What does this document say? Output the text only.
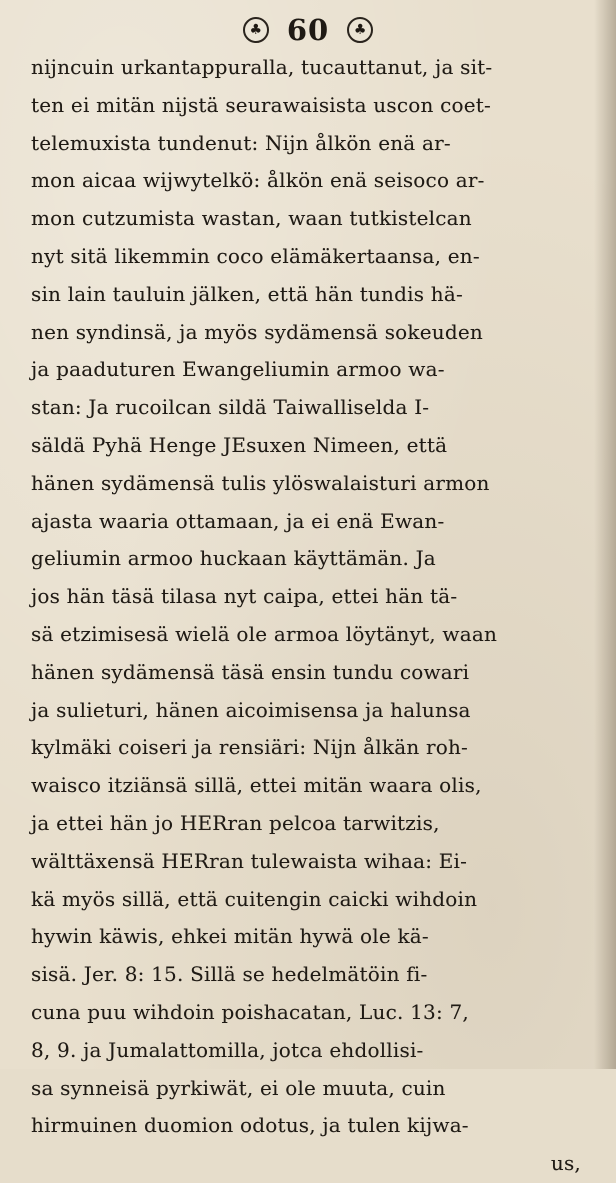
♣ 60	♣
nijncuin urkantappuralla, tucauttanut, ja sit-
ten ei mitän nijstä seurawaisista uscon coet-
telemuxista tundenut: Nijn ålkön enä ar-
mon aicaa wijwytelkö: ålkön enä seisoco ar-
mon cutzumista wastan, waan tutkistelcan
nyt sitä likemmin coco elämäkertaansa, en-
sin lain tauluin jälken, että hän tundis hä-
nen syndinsä, ja myös sydämensä sokeuden
ja paaduturen Ewangeliumin armoo wa-
stan: Ja rucoilcan sildä Taiwalliselda I-
säldä Pyhä Henge JEsuxen Nimeen, että
hänen sydämensä tulis ylöswalaisturi armon
ajasta waaria ottamaan, ja ei enä Ewan-
geliumin armoo huckaan käyttämän. Ja
jos hän täsä tilasa nyt caipa, ettei hän tä-
sä etzimisesä wielä ole armoa löytänyt, waan
hänen sydämensä täsä ensin tundu cowari
ja sulieturi, hänen aicoimisensa ja halunsa
kylmäki coiseri ja rensiäri: Nijn ålkän roh-
waisco itziänsä sillä, ettei mitän waara olis,
ja ettei hän jo HERran pelcoa tarwitzis,
wälttäxensä HERran tulewaista wihaa: Ei-
kä myös sillä, että cuitengin caicki wihdoin
hywin käwis, ehkei mitän hywä ole kä-
sisä. Jer. 8: 15. Sillä se hedelmätöin fi-
cuna puu wihdoin poishacatan, Luc. 13: 7,
8, 9. ja Jumalattomilla, jotca ehdollisi-
sa synneisä pyrkiwät, ei ole muuta, cuin
hirmuinen duomion odotus, ja tulen kijwa-
us,
